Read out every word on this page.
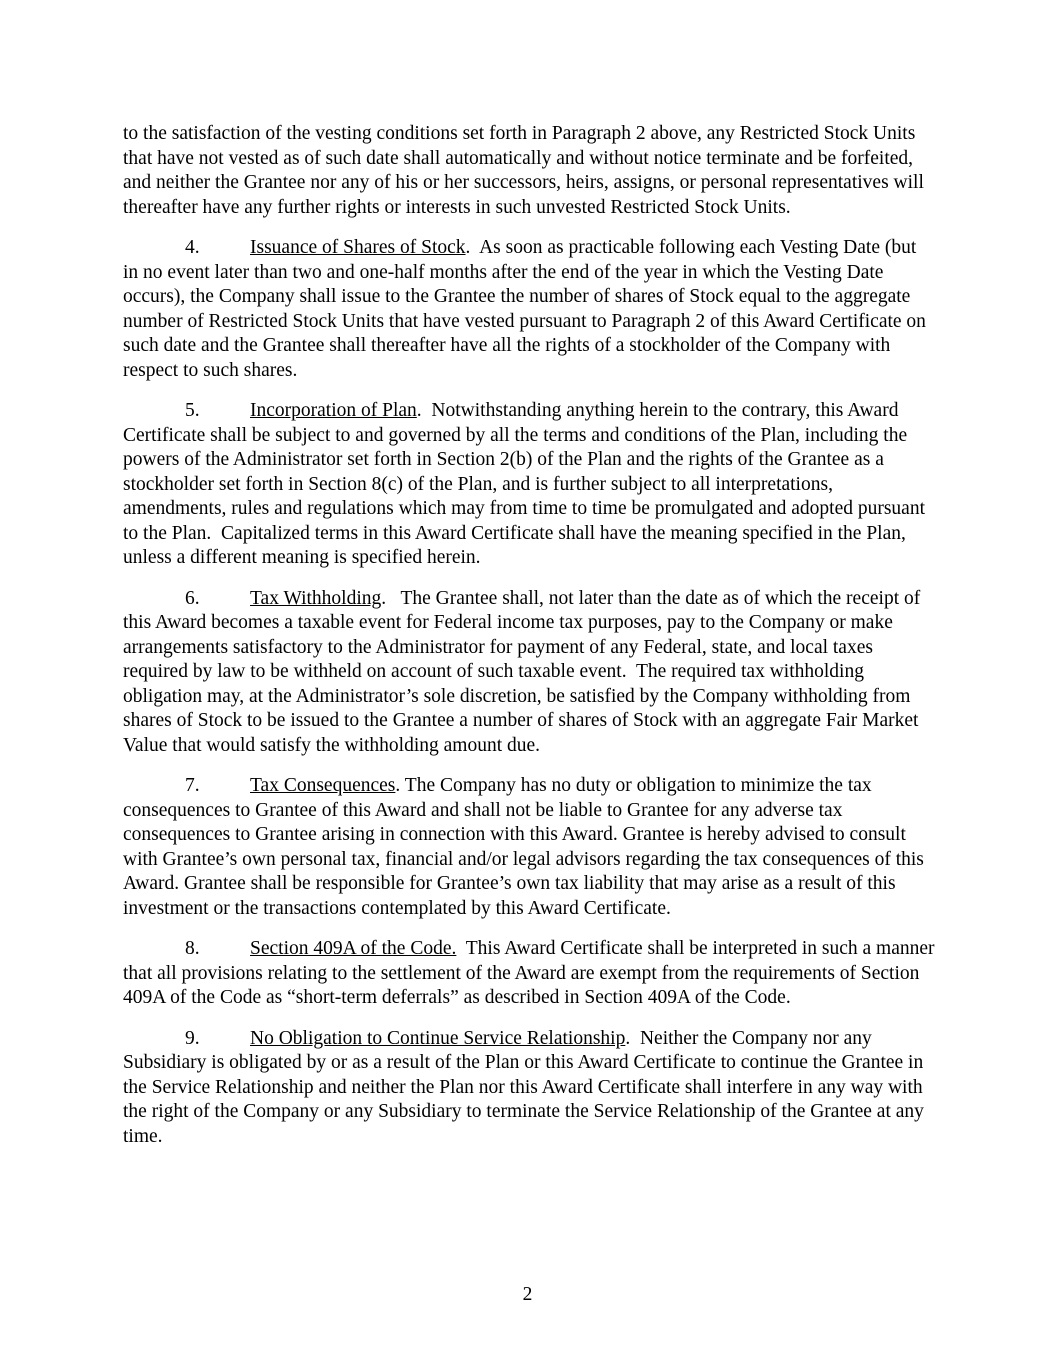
to the satisfaction of the vesting conditions set forth in Paragraph 2 above, any Restricted Stock Units that have not vested as of such date shall automatically and without notice terminate and be forfeited, and neither the Grantee nor any of his or her successors, heirs, assigns, or personal representatives will thereafter have any further rights or interests in such unvested Restricted Stock Units.

4.	Issuance of Shares of Stock.  As soon as practicable following each Vesting Date (but in no event later than two and one-half months after the end of the year in which the Vesting Date occurs), the Company shall issue to the Grantee the number of shares of Stock equal to the aggregate number of Restricted Stock Units that have vested pursuant to Paragraph 2 of this Award Certificate on such date and the Grantee shall thereafter have all the rights of a stockholder of the Company with respect to such shares.

5.	Incorporation of Plan.  Notwithstanding anything herein to the contrary, this Award Certificate shall be subject to and governed by all the terms and conditions of the Plan, including the powers of the Administrator set forth in Section 2(b) of the Plan and the rights of the Grantee as a stockholder set forth in Section 8(c) of the Plan, and is further subject to all interpretations, amendments, rules and regulations which may from time to time be promulgated and adopted pursuant to the Plan.  Capitalized terms in this Award Certificate shall have the meaning specified in the Plan, unless a different meaning is specified herein.

6.	Tax Withholding.   The Grantee shall, not later than the date as of which the receipt of this Award becomes a taxable event for Federal income tax purposes, pay to the Company or make arrangements satisfactory to the Administrator for payment of any Federal, state, and local taxes required by law to be withheld on account of such taxable event.  The required tax withholding obligation may, at the Administrator’s sole discretion, be satisfied by the Company withholding from shares of Stock to be issued to the Grantee a number of shares of Stock with an aggregate Fair Market Value that would satisfy the withholding amount due.

7.	Tax Consequences. The Company has no duty or obligation to minimize the tax consequences to Grantee of this Award and shall not be liable to Grantee for any adverse tax consequences to Grantee arising in connection with this Award. Grantee is hereby advised to consult with Grantee’s own personal tax, financial and/or legal advisors regarding the tax consequences of this Award. Grantee shall be responsible for Grantee’s own tax liability that may arise as a result of this investment or the transactions contemplated by this Award Certificate.

8.	Section 409A of the Code. This Award Certificate shall be interpreted in such a manner that all provisions relating to the settlement of the Award are exempt from the requirements of Section 409A of the Code as “short-term deferrals” as described in Section 409A of the Code.

9.	No Obligation to Continue Service Relationship.  Neither the Company nor any Subsidiary is obligated by or as a result of the Plan or this Award Certificate to continue the Grantee in the Service Relationship and neither the Plan nor this Award Certificate shall interfere in any way with the right of the Company or any Subsidiary to terminate the Service Relationship of the Grantee at any time.

2
